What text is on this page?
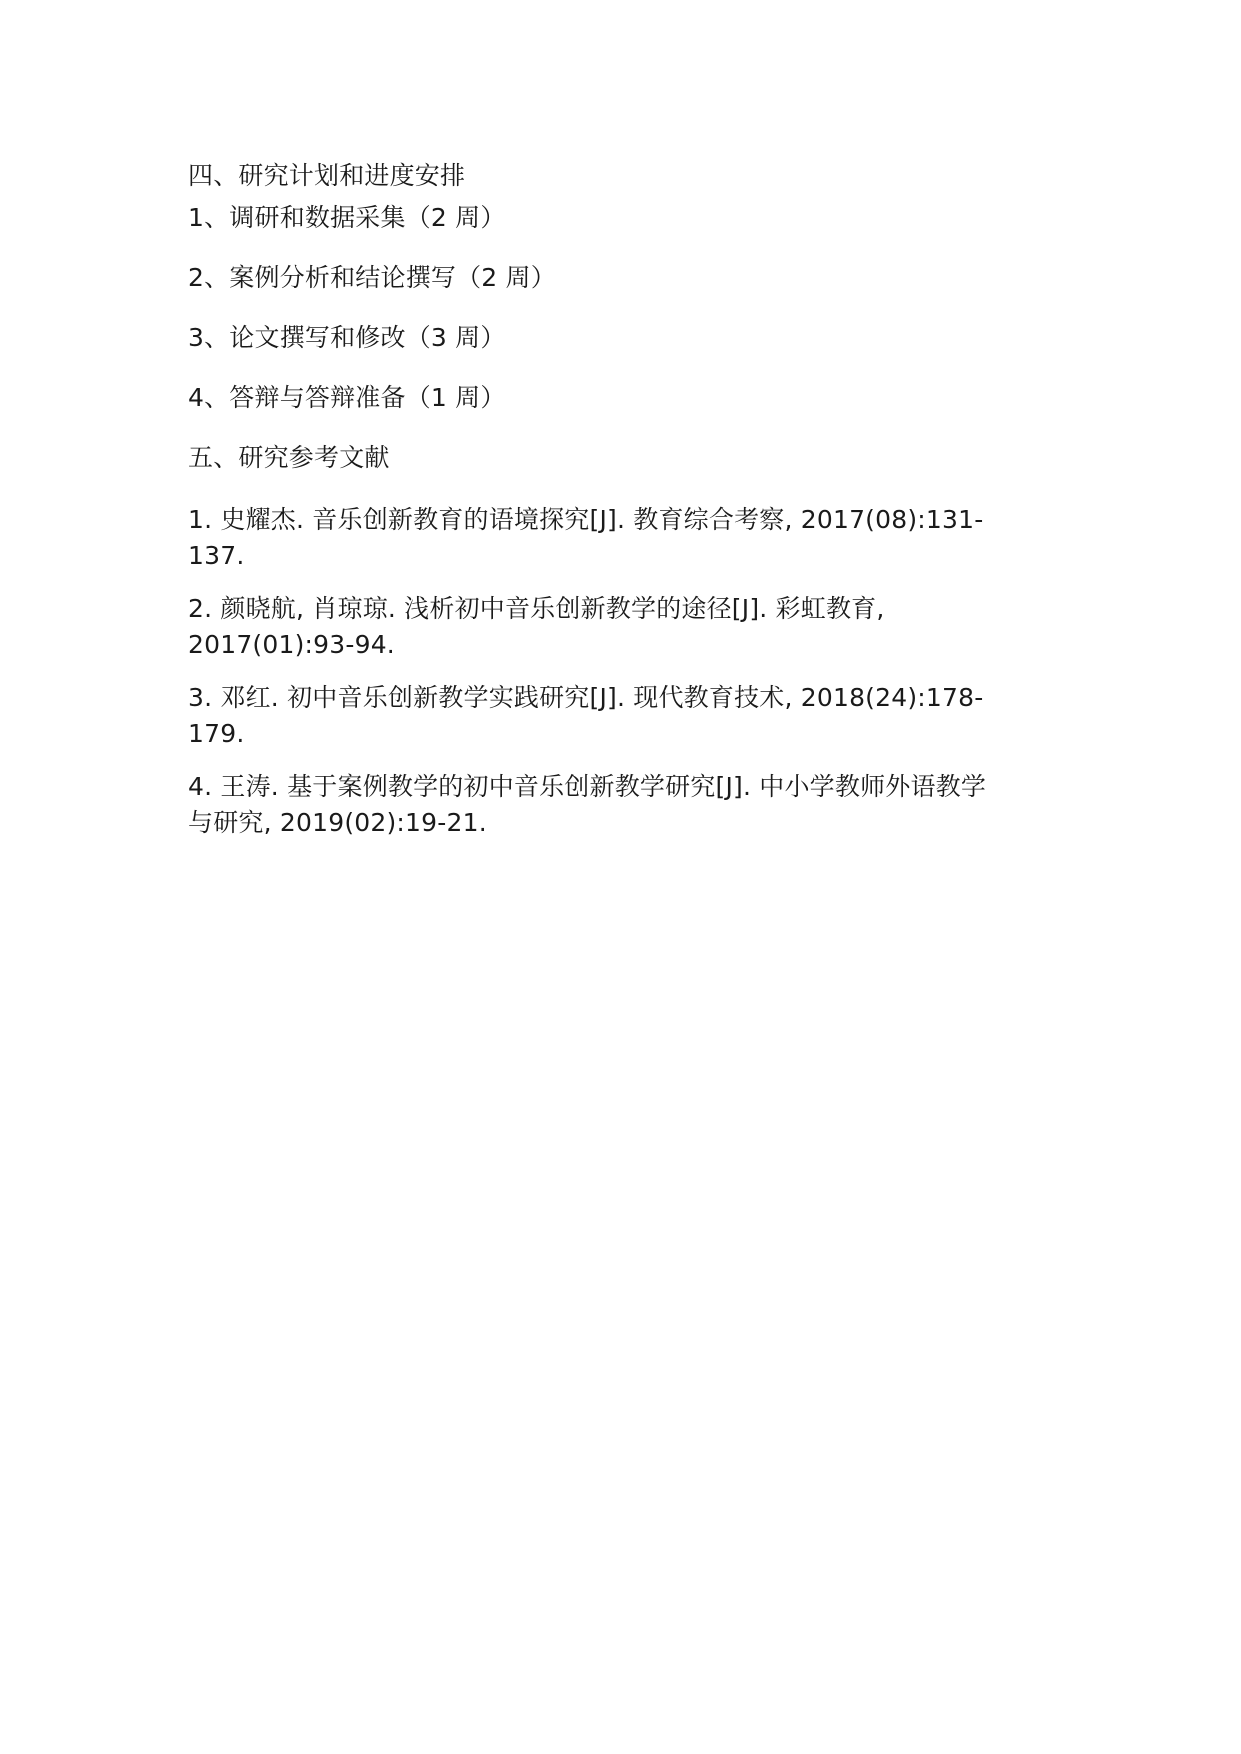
四、研究计划和进度安排
1、调研和数据采集（2 周）
2、案例分析和结论撰写（2 周）
3、论文撰写和修改（3 周）
4、答辩与答辩准备（1 周）
五、研究参考文献
1. 史耀杰. 音乐创新教育的语境探究[J]. 教育综合考察, 2017(08):131-
137.
2. 颜晓航, 肖琼琼. 浅析初中音乐创新教学的途径[J]. 彩虹教育,
2017(01):93-94.
3. 邓红. 初中音乐创新教学实践研究[J]. 现代教育技术, 2018(24):178-
179.
4. 王涛. 基于案例教学的初中音乐创新教学研究[J]. 中小学教师外语教学
与研究, 2019(02):19-21.
